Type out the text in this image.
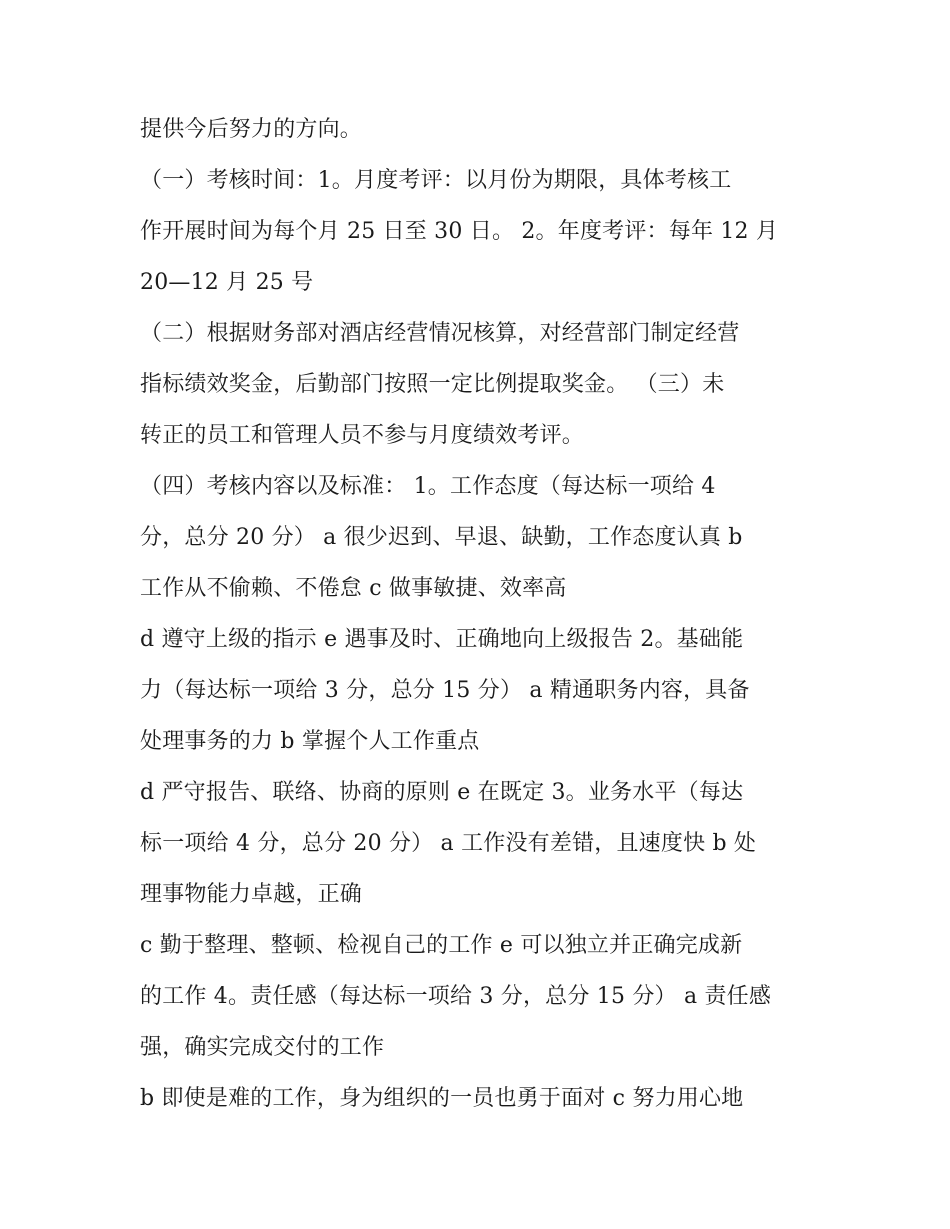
提供今后努力的方向。
（一）考核时间：1。月度考评：以月份为期限，具体考核工
作开展时间为每个月 25 日至 30 日。 2。年度考评：每年 12 月
20—12 月 25 号
（二）根据财务部对酒店经营情况核算，对经营部门制定经营
指标绩效奖金，后勤部门按照一定比例提取奖金。 （三）未
转正的员工和管理人员不参与月度绩效考评。
（四）考核内容以及标准： 1。工作态度（每达标一项给 4
分，总分 20 分） a 很少迟到、早退、缺勤，工作态度认真 b
工作从不偷赖、不倦怠 c 做事敏捷、效率高
d 遵守上级的指示 e 遇事及时、正确地向上级报告 2。基础能
力（每达标一项给 3 分，总分 15 分） a 精通职务内容，具备
处理事务的力 b 掌握个人工作重点
d 严守报告、联络、协商的原则 e 在既定 3。业务水平（每达
标一项给 4 分，总分 20 分） a 工作没有差错，且速度快 b 处
理事物能力卓越，正确
c 勤于整理、整顿、检视自己的工作 e 可以独立并正确完成新
的工作 4。责任感（每达标一项给 3 分，总分 15 分） a 责任感
强，确实完成交付的工作
b 即使是难的工作，身为组织的一员也勇于面对 c 努力用心地
